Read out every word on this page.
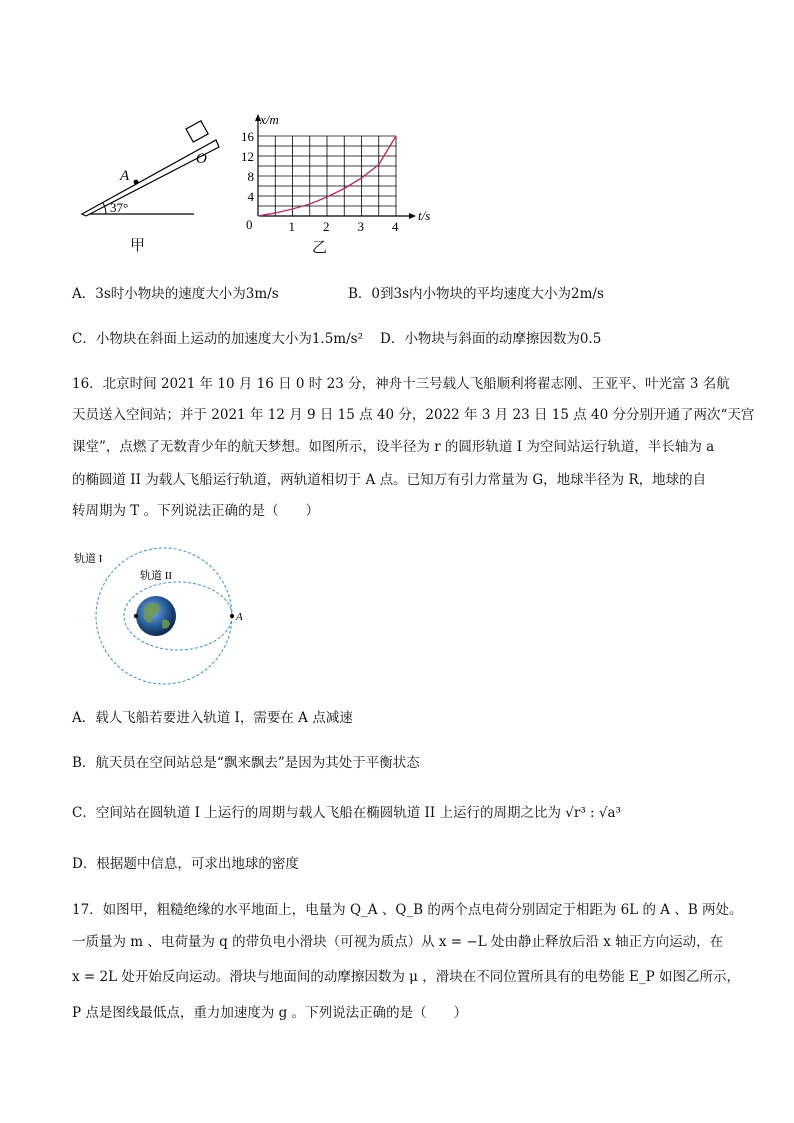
A
O
37°
甲
x/m
t/s
0	1 2 3 4
4
8
12
16
乙
A．3s时小物块的速度大小为3m/s	B．0到3s内小物块的平均速度大小为2m/s
C．小物块在斜面上运动的加速度大小为1.5m/s² D．小物块与斜面的动摩擦因数为0.5
16．北京时间 2021 年 10 月 16 日 0 时 23 分，神舟十三号载人飞船顺利将翟志刚、王亚平、叶光富 3 名航
天员送入空间站；并于 2021 年 12 月 9 日 15 点 40 分，2022 年 3 月 23 日 15 点 40 分分别开通了两次“天宫
课堂”，点燃了无数青少年的航天梦想。如图所示，设半径为 r 的圆形轨道 I 为空间站运行轨道，半长轴为 a
的椭圆道 II 为载人飞船运行轨道，两轨道相切于 A 点。已知万有引力常量为 G，地球半径为 R，地球的自
转周期为 T 。下列说法正确的是（　　）
A
轨道 I
轨道 II
A．载人飞船若要进入轨道 I，需要在 A 点减速
B．航天员在空间站总是“飘来飘去”是因为其处于平衡状态
C．空间站在圆轨道 I 上运行的周期与载人飞船在椭圆轨道 II 上运行的周期之比为 √r³ : √a³
D．根据题中信息，可求出地球的密度
17．如图甲，粗糙绝缘的水平地面上，电量为 Q_A 、Q_B 的两个点电荷分别固定于相距为 6L 的 A 、B 两处。
一质量为 m 、电荷量为 q 的带负电小滑块（可视为质点）从 x = −L 处由静止释放后沿 x 轴正方向运动，在
x = 2L 处开始反向运动。滑块与地面间的动摩擦因数为 μ ，滑块在不同位置所具有的电势能 E_P 如图乙所示，
P 点是图线最低点，重力加速度为 g 。下列说法正确的是（　　）
